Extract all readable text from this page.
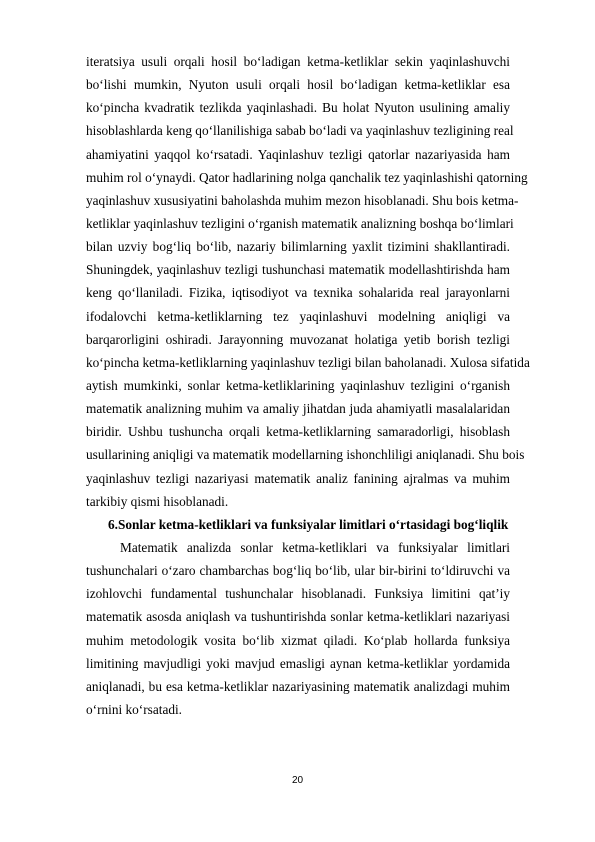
iteratsiya usuli orqali hosil bo‘ladigan ketma-ketliklar sekin yaqinlashuvchi
bo‘lishi mumkin, Nyuton usuli orqali hosil bo‘ladigan ketma-ketliklar esa
ko‘pincha kvadratik tezlikda yaqinlashadi. Bu holat Nyuton usulining amaliy
hisoblashlarda keng qo‘llanilishiga sabab bo‘ladi va yaqinlashuv tezligining real
ahamiyatini yaqqol ko‘rsatadi. Yaqinlashuv tezligi qatorlar nazariyasida ham
muhim rol o‘ynaydi. Qator hadlarining nolga qanchalik tez yaqinlashishi qatorning
yaqinlashuv xususiyatini baholashda muhim mezon hisoblanadi. Shu bois ketma-
ketliklar yaqinlashuv tezligini o‘rganish matematik analizning boshqa bo‘limlari
bilan uzviy bog‘liq bo‘lib, nazariy bilimlarning yaxlit tizimini shakllantiradi.
Shuningdek, yaqinlashuv tezligi tushunchasi matematik modellashtirishda ham
keng qo‘llaniladi. Fizika, iqtisodiyot va texnika sohalarida real jarayonlarni
ifodalovchi ketma-ketliklarning tez yaqinlashuvi modelning aniqligi va
barqarorligini oshiradi. Jarayonning muvozanat holatiga yetib borish tezligi
ko‘pincha ketma-ketliklarning yaqinlashuv tezligi bilan baholanadi. Xulosa sifatida
aytish mumkinki, sonlar ketma-ketliklarining yaqinlashuv tezligini o‘rganish
matematik analizning muhim va amaliy jihatdan juda ahamiyatli masalalaridan
biridir. Ushbu tushuncha orqali ketma-ketliklarning samaradorligi, hisoblash
usullarining aniqligi va matematik modellarning ishonchliligi aniqlanadi. Shu bois
yaqinlashuv tezligi nazariyasi matematik analiz fanining ajralmas va muhim
tarkibiy qismi hisoblanadi.
6.Sonlar ketma-ketliklari va funksiyalar limitlari o‘rtasidagi bog‘liqlik
Matematik analizda sonlar ketma-ketliklari va funksiyalar limitlari
tushunchalari o‘zaro chambarchas bog‘liq bo‘lib, ular bir-birini to‘ldiruvchi va
izohlovchi fundamental tushunchalar hisoblanadi. Funksiya limitini qat’iy
matematik asosda aniqlash va tushuntirishda sonlar ketma-ketliklari nazariyasi
muhim metodologik vosita bo‘lib xizmat qiladi. Ko‘plab hollarda funksiya
limitining mavjudligi yoki mavjud emasligi aynan ketma-ketliklar yordamida
aniqlanadi, bu esa ketma-ketliklar nazariyasining matematik analizdagi muhim
o‘rnini ko‘rsatadi.
20
